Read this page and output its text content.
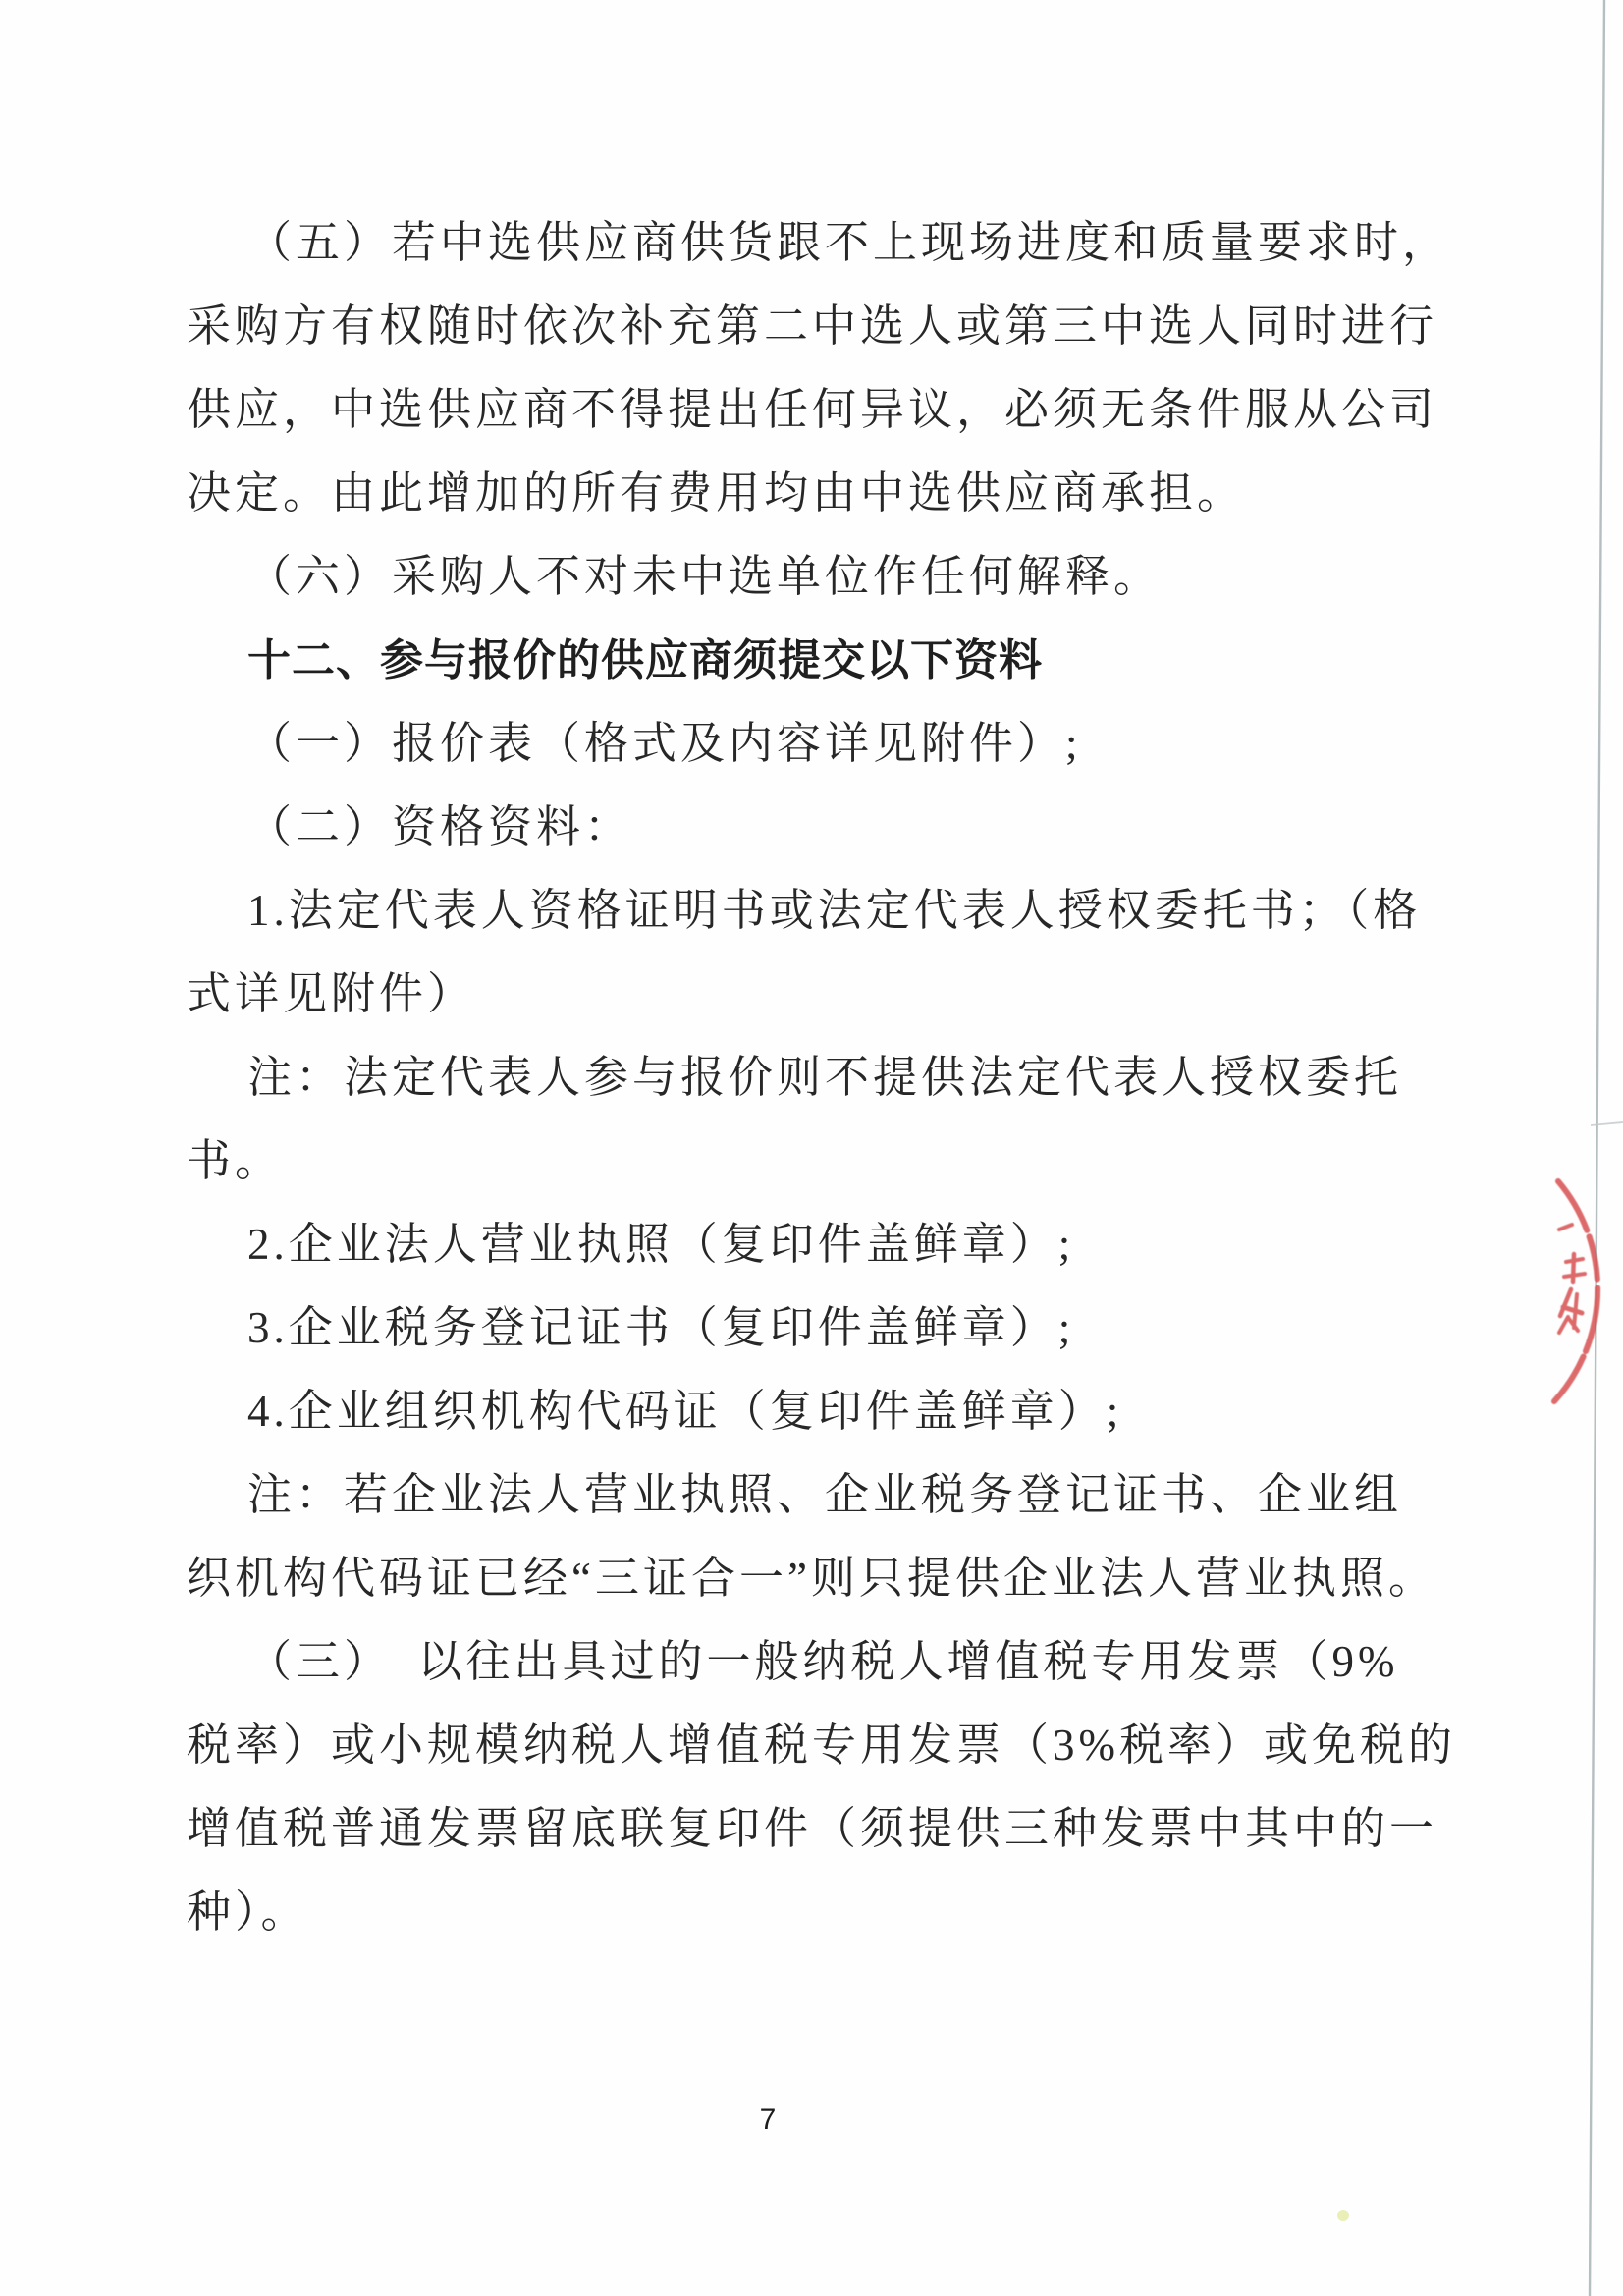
（五）若中选供应商供货跟不上现场进度和质量要求时，
采购方有权随时依次补充第二中选人或第三中选人同时进行
供应，中选供应商不得提出任何异议，必须无条件服从公司
决定。由此增加的所有费用均由中选供应商承担。
（六）采购人不对未中选单位作任何解释。
十二、参与报价的供应商须提交以下资料
（一）报价表（格式及内容详见附件）;
（二）资格资料：
1.法定代表人资格证明书或法定代表人授权委托书；（格
式详见附件）
注：法定代表人参与报价则不提供法定代表人授权委托
书。
2.企业法人营业执照（复印件盖鲜章）;
3.企业税务登记证书（复印件盖鲜章）;
4.企业组织机构代码证（复印件盖鲜章）;
注：若企业法人营业执照、企业税务登记证书、企业组
织机构代码证已经“三证合一”则只提供企业法人营业执照。
（三）　以往出具过的一般纳税人增值税专用发票（9%
税率）或小规模纳税人增值税专用发票（3%税率）或免税的
增值税普通发票留底联复印件（须提供三种发票中其中的一
种）。
7
